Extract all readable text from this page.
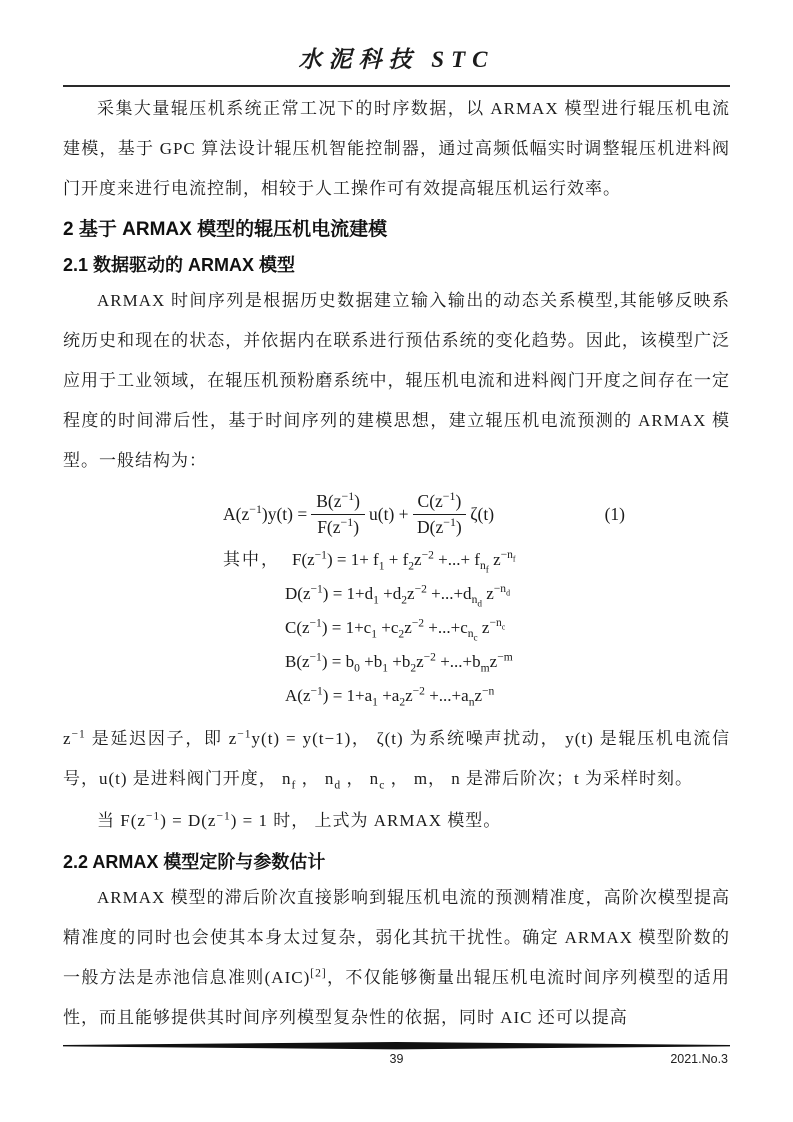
水泥科技 STC

采集大量辊压机系统正常工况下的时序数据，以 ARMAX 模型进行辊压机电流建模，基于 GPC 算法设计辊压机智能控制器，通过高频低幅实时调整辊压机进料阀门开度来进行电流控制，相较于人工操作可有效提高辊压机运行效率。

2 基于 ARMAX 模型的辊压机电流建模
2.1 数据驱动的 ARMAX 模型

ARMAX 时间序列是根据历史数据建立输入输出的动态关系模型,其能够反映系统历史和现在的状态，并依据内在联系进行预估系统的变化趋势。因此，该模型广泛应用于工业领域，在辊压机预粉磨系统中，辊压机电流和进料阀门开度之间存在一定程度的时间滞后性，基于时间序列的建模思想，建立辊压机电流预测的 ARMAX 模型。一般结构为：

$A(z^{-1})y(t) = \frac{B(z^{-1})}{F(z^{-1})} u(t) + \frac{C(z^{-1})}{D(z^{-1})} \zeta(t)$	(1)
其中， $F(z^{-1}) = 1+ f_1 + f_2z^{-2}$ +...+ $f_{n_f}$ $z^{-n_f}$
$D(z^{-1}) = 1+d_1 +d_2z^{-2} +...+d_{n_d}$ $z^{-n_d}$
$C(z^{-1}) = 1+c_1 +c_2z^{-2} +...+c_{n_c}$ $z^{-n_c}$
$B(z^{-1}) = b_0 +b_1 +b_2z^{-2} +...+b_mz^{-m}$
$A(z^{-1}) = 1+a_1 +a_2z^{-2} +...+a_nz^{-n}$

$z^{-1}$ 是延迟因子，即 $z^{-1}y(t) = y(t-1)$， ζ(t) 为系统噪声扰动， y(t) 是辊压机电流信号，u(t) 是进料阀门开度， $n_f$ ， $n_d$ ， $n_c$ ， m， n 是滞后阶次；t 为采样时刻。

当 $F(z^{-1}) = D(z^{-1}) = 1$ 时， 上式为 ARMAX 模型。

2.2 ARMAX 模型定阶与参数估计

ARMAX 模型的滞后阶次直接影响到辊压机电流的预测精准度，高阶次模型提高精准度的同时也会使其本身太过复杂，弱化其抗干扰性。确定 ARMAX 模型阶数的一般方法是赤池信息准则(AIC)[2]，不仅能够衡量出辊压机电流时间序列模型的适用性，而且能够提供其时间序列模型复杂性的依据，同时 AIC 还可以提高

39	2021.No.3
